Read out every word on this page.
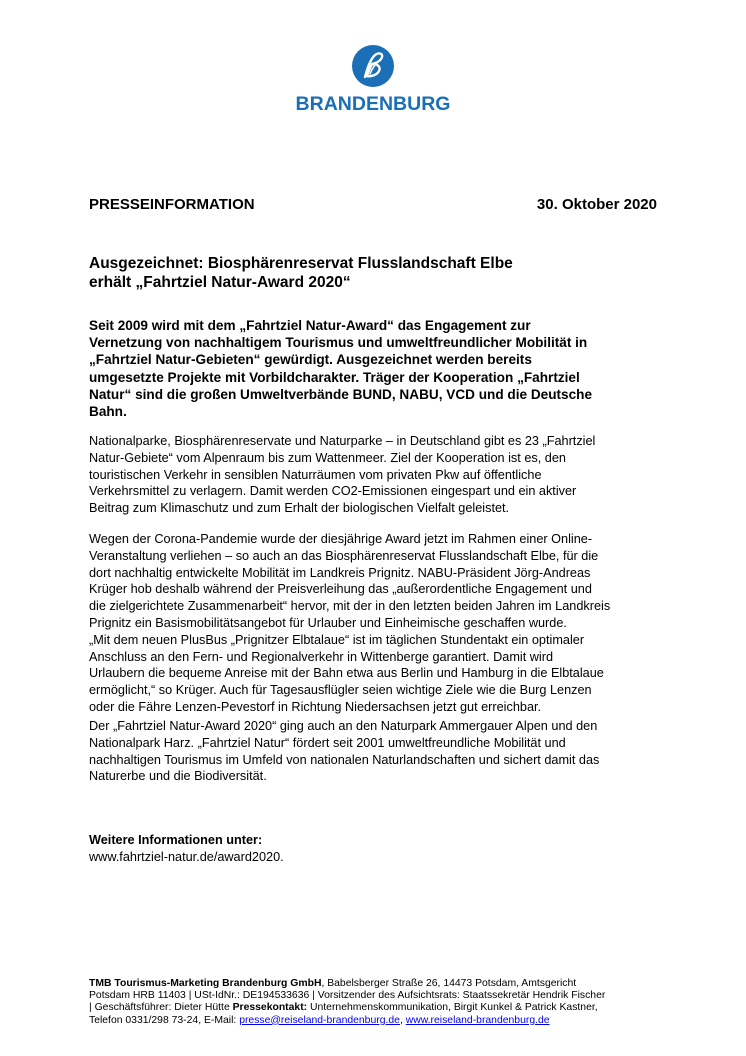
BRANDENBURG
PRESSEINFORMATION	30. Oktober 2020
Ausgezeichnet: Biosphärenreservat Flusslandschaft Elbe
erhält „Fahrtziel Natur-Award 2020“
Seit 2009 wird mit dem „Fahrtziel Natur-Award“ das Engagement zur
Vernetzung von nachhaltigem Tourismus und umweltfreundlicher Mobilität in
„Fahrtziel Natur-Gebieten“ gewürdigt. Ausgezeichnet werden bereits
umgesetzte Projekte mit Vorbildcharakter. Träger der Kooperation „Fahrtziel
Natur“ sind die großen Umweltverbände BUND, NABU, VCD und die Deutsche
Bahn.
Nationalparke, Biosphärenreservate und Naturparke – in Deutschland gibt es 23 „Fahrtziel
Natur-Gebiete“ vom Alpenraum bis zum Wattenmeer. Ziel der Kooperation ist es, den
touristischen Verkehr in sensiblen Naturräumen vom privaten Pkw auf öffentliche
Verkehrsmittel zu verlagern. Damit werden CO2-Emissionen eingespart und ein aktiver
Beitrag zum Klimaschutz und zum Erhalt der biologischen Vielfalt geleistet.
Wegen der Corona-Pandemie wurde der diesjährige Award jetzt im Rahmen einer Online-
Veranstaltung verliehen – so auch an das Biosphärenreservat Flusslandschaft Elbe, für die
dort nachhaltig entwickelte Mobilität im Landkreis Prignitz. NABU-Präsident Jörg-Andreas
Krüger hob deshalb während der Preisverleihung das „außerordentliche Engagement und
die zielgerichtete Zusammenarbeit“ hervor, mit der in den letzten beiden Jahren im Landkreis
Prignitz ein Basismobilitätsangebot für Urlauber und Einheimische geschaffen wurde.
„Mit dem neuen PlusBus „Prignitzer Elbtalaue“ ist im täglichen Stundentakt ein optimaler
Anschluss an den Fern- und Regionalverkehr in Wittenberge garantiert. Damit wird
Urlaubern die bequeme Anreise mit der Bahn etwa aus Berlin und Hamburg in die Elbtalaue
ermöglicht,“ so Krüger. Auch für Tagesausflügler seien wichtige Ziele wie die Burg Lenzen
oder die Fähre Lenzen-Pevestorf in Richtung Niedersachsen jetzt gut erreichbar.
Der „Fahrtziel Natur-Award 2020“ ging auch an den Naturpark Ammergauer Alpen und den
Nationalpark Harz. „Fahrtziel Natur“ fördert seit 2001 umweltfreundliche Mobilität und
nachhaltigen Tourismus im Umfeld von nationalen Naturlandschaften und sichert damit das
Naturerbe und die Biodiversität.
Weitere Informationen unter:
www.fahrtziel-natur.de/award2020.
TMB Tourismus-Marketing Brandenburg GmbH, Babelsberger Straße 26, 14473 Potsdam, Amtsgericht
Potsdam HRB 11403 | USt-IdNr.: DE194533636 | Vorsitzender des Aufsichtsrats: Staatssekretär Hendrik Fischer
| Geschäftsführer: Dieter Hütte Pressekontakt: Unternehmenskommunikation, Birgit Kunkel & Patrick Kastner,
Telefon 0331/298 73-24, E-Mail: presse@reiseland-brandenburg.de, www.reiseland-brandenburg.de
